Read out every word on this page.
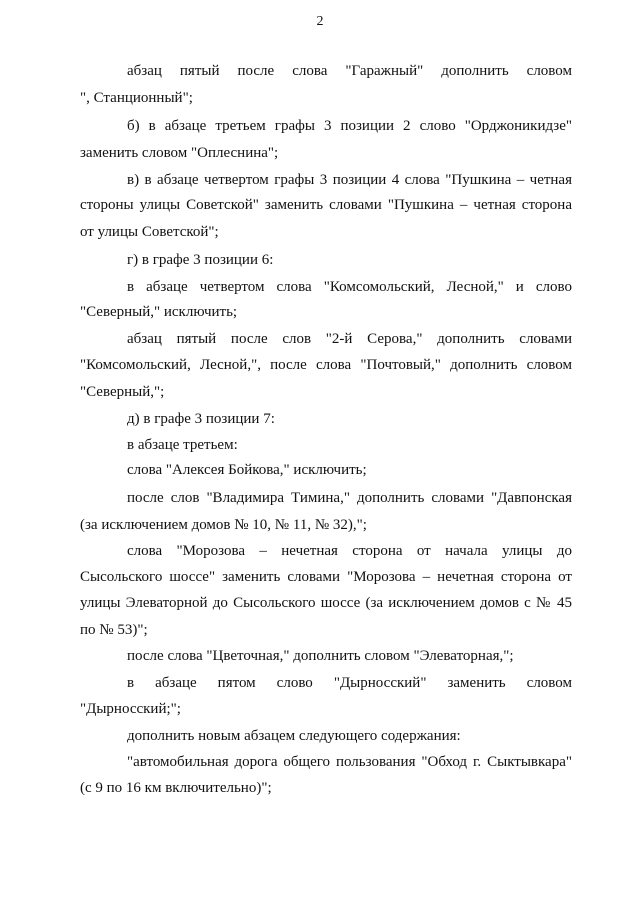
2
абзац пятый после слова "Гаражный" дополнить словом
", Станционный";
б) в абзаце третьем графы 3 позиции 2 слово "Орджоникидзе"
заменить словом "Оплеснина";
в) в абзаце четвертом графы 3 позиции 4 слова "Пушкина – четная
стороны улицы Советской" заменить словами "Пушкина – четная сторона
от улицы Советской";
г) в графе 3 позиции 6:
в абзаце четвертом слова "Комсомольский, Лесной," и слово
"Северный," исключить;
абзац пятый после слов "2-й Серова," дополнить словами
"Комсомольский, Лесной,", после слова "Почтовый," дополнить словом
"Северный,";
д) в графе 3 позиции 7:
в абзаце третьем:
слова "Алексея Бойкова," исключить;
после слов "Владимира Тимина," дополнить словами "Давпонская
(за исключением домов № 10, № 11, № 32),";
слова "Морозова – нечетная сторона от начала улицы до
Сысольского шоссе" заменить словами "Морозова – нечетная сторона от
улицы Элеваторной до Сысольского шоссе (за исключением домов с № 45
по № 53)";
после слова "Цветочная," дополнить словом "Элеваторная,";
в абзаце пятом слово "Дырносский" заменить словом
"Дырносский;";
дополнить новым абзацем следующего содержания:
"автомобильная дорога общего пользования "Обход г. Сыктывкара"
(с 9 по 16 км включительно)";
